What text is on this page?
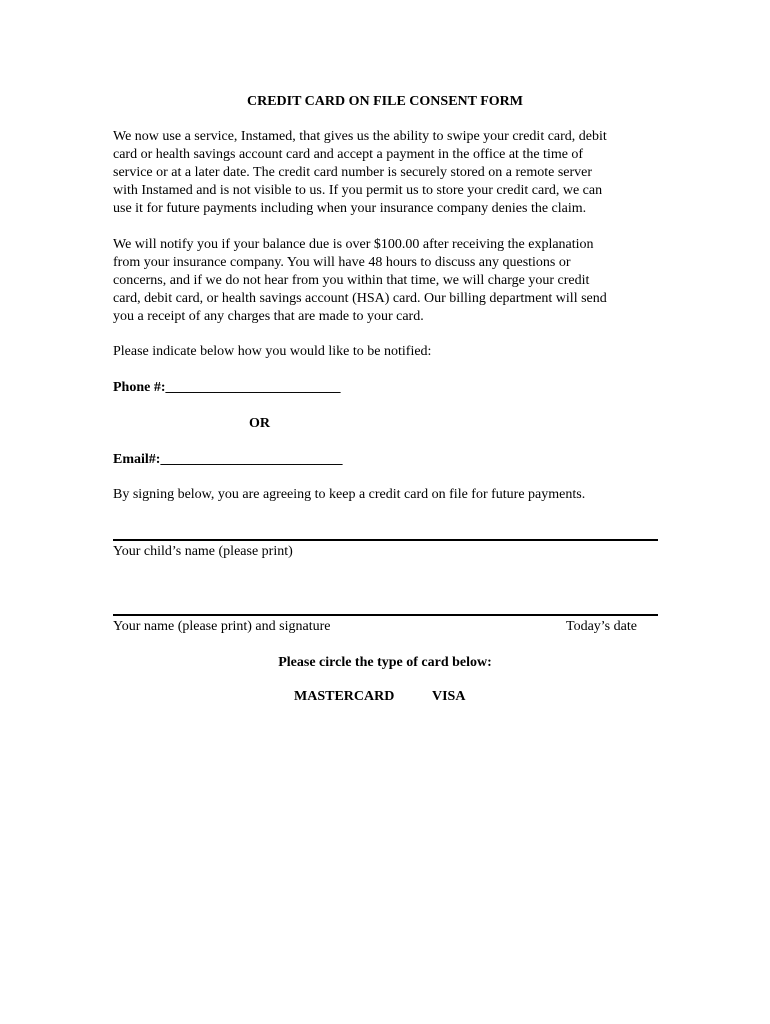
CREDIT CARD ON FILE CONSENT FORM
We now use a service, Instamed, that gives us the ability to swipe your credit card, debit
card or health savings account card and accept a payment in the office at the time of
service or at a later date. The credit card number is securely stored on a remote server
with Instamed and is not visible to us. If you permit us to store your credit card, we can
use it for future payments including when your insurance company denies the claim.
We will notify you if your balance due is over $100.00 after receiving the explanation
from your insurance company. You will have 48 hours to discuss any questions or
concerns, and if we do not hear from you within that time, we will charge your credit
card, debit card, or health savings account (HSA) card. Our billing department will send
you a receipt of any charges that are made to your card.
Please indicate below how you would like to be notified:
Phone #:_________________________
OR
Email#:__________________________
By signing below, you are agreeing to keep a credit card on file for future payments.
Your child’s name (please print)
Your name (please print) and signature	Today’s date
Please circle the type of card below:
MASTERCARD	VISA
